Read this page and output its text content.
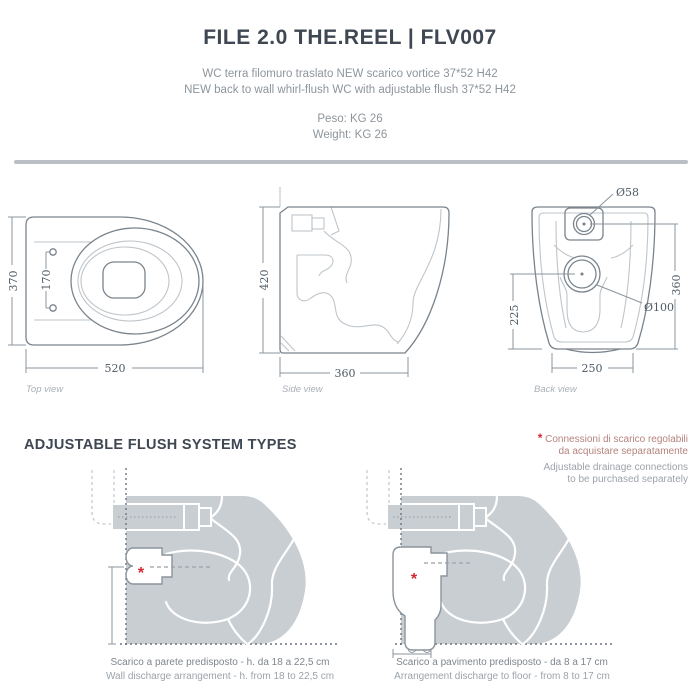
FILE 2.0 THE.REEL | FLV007
WC terra filomuro traslato NEW scarico vortice 37*52 H42
NEW back to wall whirl-flush WC with adjustable flush 37*52 H42
Peso: KG 26
Weight: KG 26
370 170
520
Top view
420
360
Side view
Ø58
Ø100
225
360
250
Back view
ADJUSTABLE FLUSH SYSTEM TYPES	* Connessioni di scarico regolabili
da acquistare separatamente
Adjustable drainage connections
to be purchased separately
*	*
Scarico a parete predisposto - h. da 18 a 22,5 cm
Wall discharge arrangement - h. from 18 to 22,5 cm
Scarico a pavimento predisposto - da 8 a 17 cm
Arrangement discharge to floor - from 8 to 17 cm
